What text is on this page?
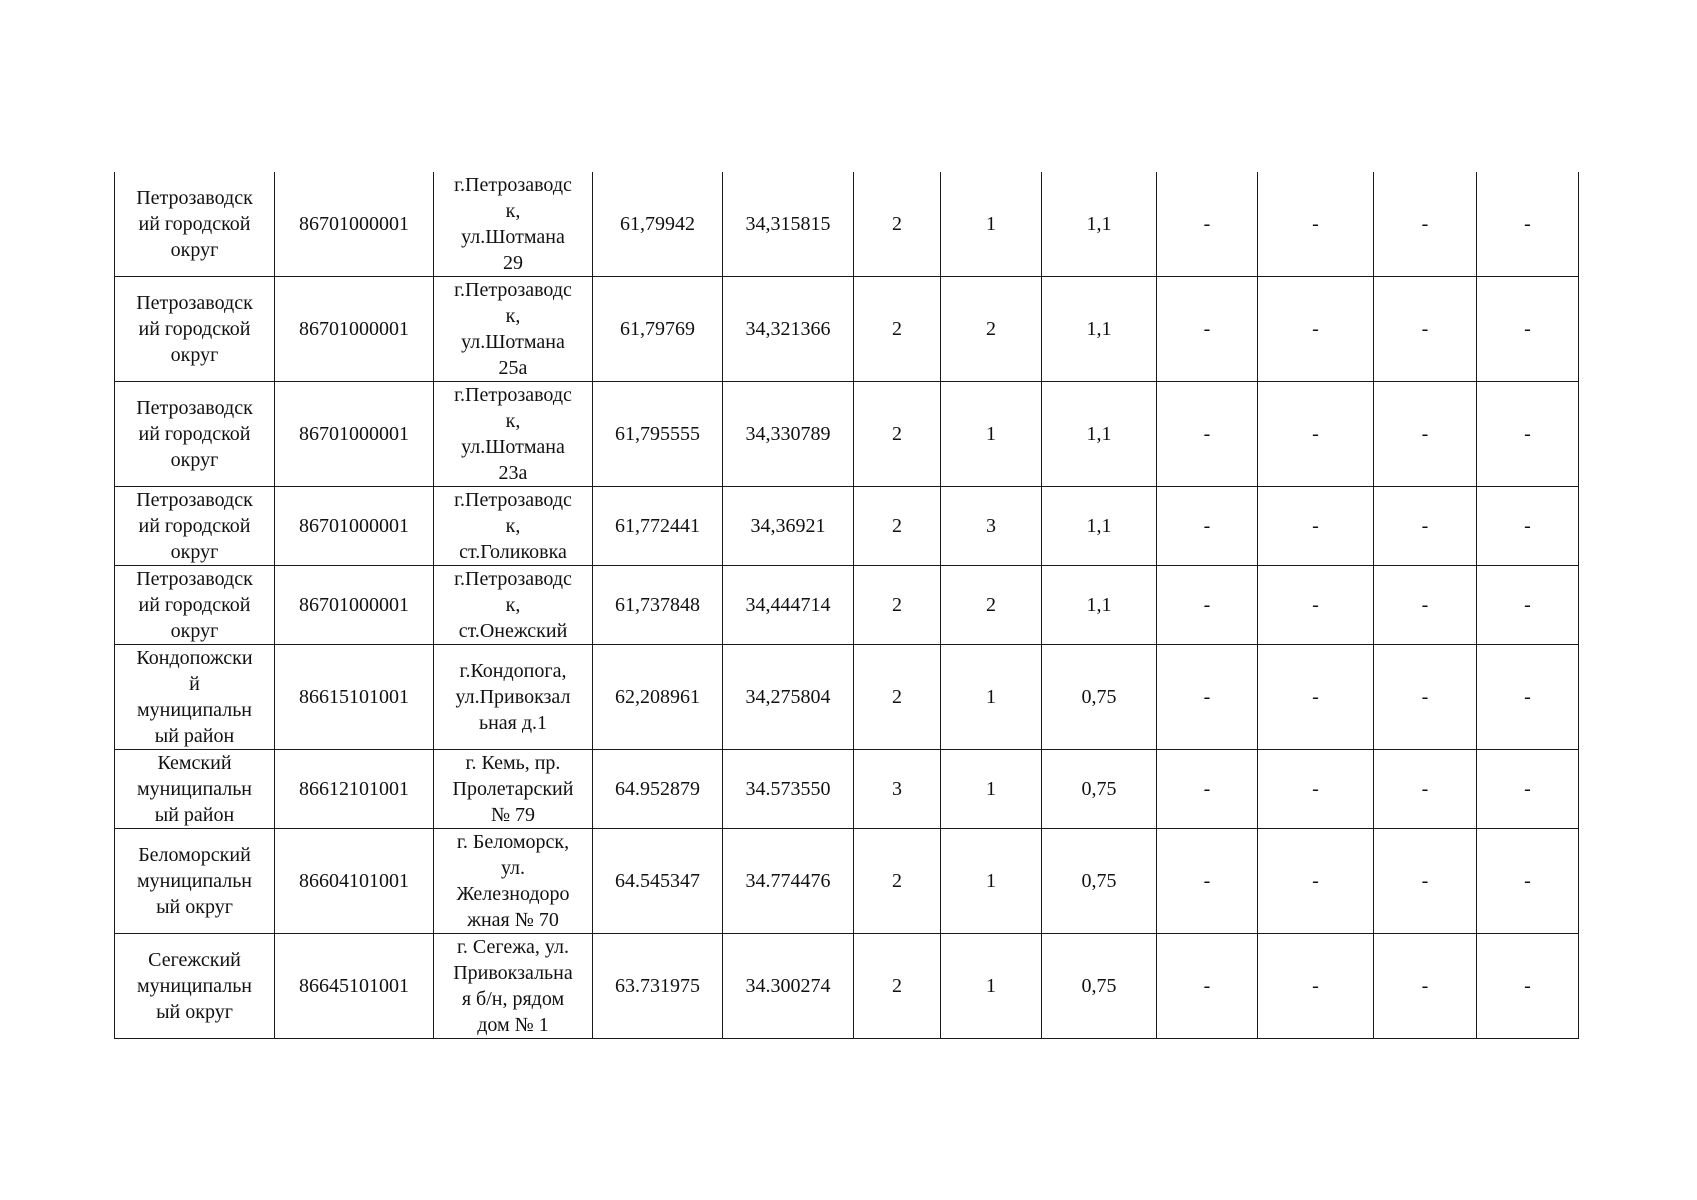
Петрозаводск
ий городской
округ	86701000001	г.Петрозаводс
к,
ул.Шотмана
29	61,79942	34,315815	2	1	1,1	-	-	-	-
Петрозаводск
ий городской
округ	86701000001	г.Петрозаводс
к,
ул.Шотмана
25а	61,79769	34,321366	2	2	1,1	-	-	-	-
Петрозаводск
ий городской
округ	86701000001	г.Петрозаводс
к,
ул.Шотмана
23а	61,795555	34,330789	2	1	1,1	-	-	-	-
Петрозаводск
ий городской
округ	86701000001	г.Петрозаводс
к,
ст.Голиковка	61,772441	34,36921	2	3	1,1	-	-	-	-
Петрозаводск
ий городской
округ	86701000001	г.Петрозаводс
к,
ст.Онежский	61,737848	34,444714	2	2	1,1	-	-	-	-
Кондопожски
й
муниципальн
ый район	86615101001	г.Кондопога,
ул.Привокзал
ьная д.1	62,208961	34,275804	2	1	0,75	-	-	-	-
Кемский
муниципальн
ый район	86612101001	г. Кемь, пр.
Пролетарский
№ 79	64.952879	34.573550	3	1	0,75	-	-	-	-
Беломорский
муниципальн
ый округ	86604101001	г. Беломорск,
ул.
Железнодоро
жная № 70	64.545347	34.774476	2	1	0,75	-	-	-	-
Сегежский
муниципальн
ый округ	86645101001	г. Сегежа, ул.
Привокзальна
я б/н, рядом
дом № 1	63.731975	34.300274	2	1	0,75	-	-	-	-
